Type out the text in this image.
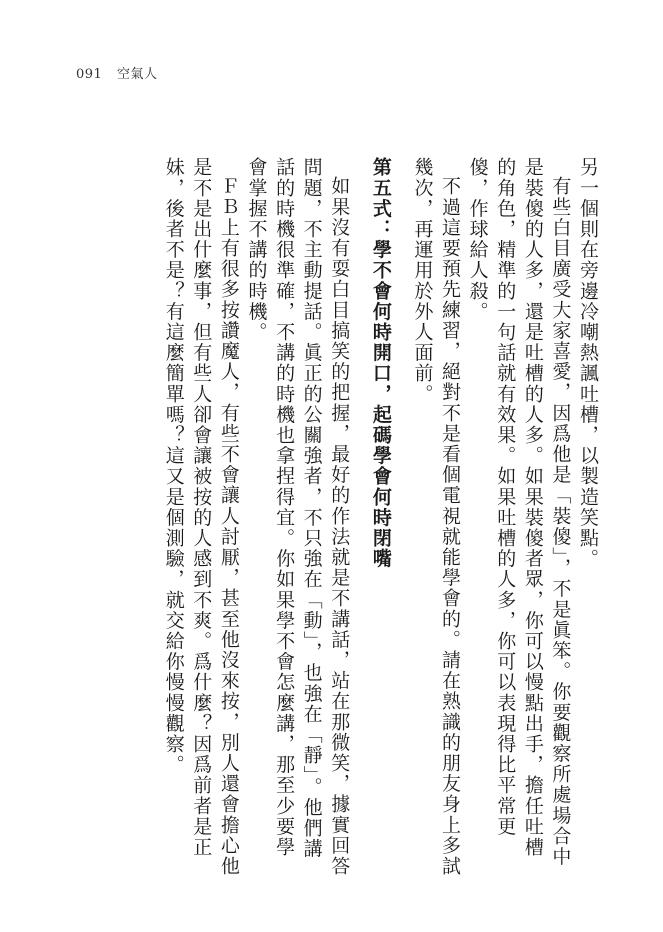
091 空氣人

另一個則在旁邊冷嘲熱諷吐槽，以製造笑點。

有些白目廣受大家喜愛，因爲他是「裝傻」，不是眞笨。你要觀察所處場合中是裝傻的人多，還是吐槽的人多。如果裝傻者眾，你可以慢點出手，擔任吐槽的角色，精準的一句話就有效果。如果吐槽的人多，你可以表現得比平常更傻，作球給人殺。

不過這要預先練習，絕對不是看個電視就能學會的。請在熟識的朋友身上多試幾次，再運用於外人面前。

第五式：學不會何時開口，起碼學會何時閉嘴

如果沒有耍白目搞笑的把握，最好的作法就是不講話，站在那微笑，據實回答問題，不主動提話。眞正的公關強者，不只強在「動」，也強在「靜」。他們講話的時機很準確，不講的時機也拿捏得宜。你如果學不會怎麼講，那至少要學會掌握不講的時機。

ＦＢ上有很多按讚魔人，有些不會讓人討厭，甚至他沒來按，別人還會擔心他是不是出什麼事，但有些人卻會讓被按的人感到不爽。爲什麼？因爲前者是正妹，後者不是？有這麼簡單嗎？這又是個測驗，就交給你慢慢觀察。
